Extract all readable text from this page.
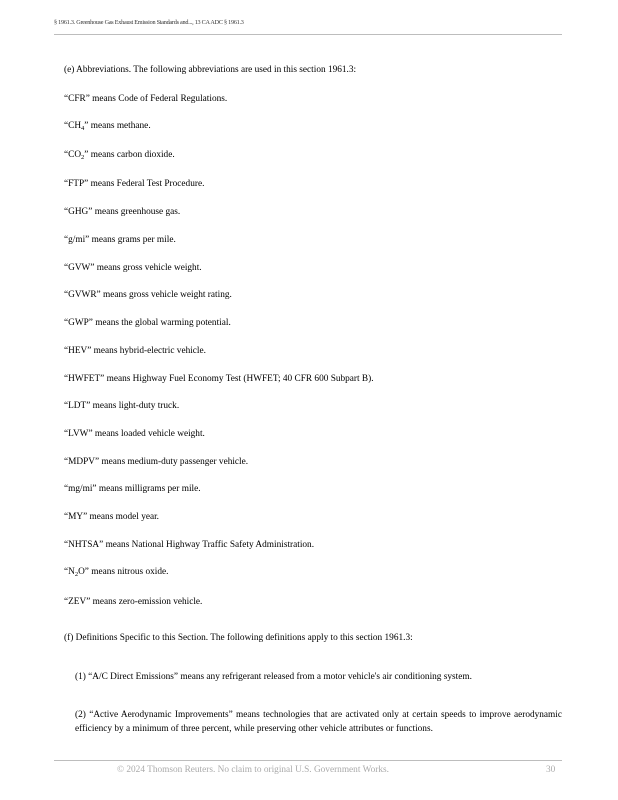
§ 1961.3. Greenhouse Gas Exhaust Emission Standards and..., 13 CA ADC § 1961.3
(e) Abbreviations. The following abbreviations are used in this section 1961.3:
“CFR” means Code of Federal Regulations.
“$CH_4$” means methane.
“$CO_2$” means carbon dioxide.
“FTP” means Federal Test Procedure.
“GHG” means greenhouse gas.
“g/mi” means grams per mile.
“GVW” means gross vehicle weight.
“GVWR” means gross vehicle weight rating.
“GWP” means the global warming potential.
“HEV” means hybrid-electric vehicle.
“HWFET” means Highway Fuel Economy Test (HWFET; 40 CFR 600 Subpart B).
“LDT” means light-duty truck.
“LVW” means loaded vehicle weight.
“MDPV” means medium-duty passenger vehicle.
“mg/mi” means milligrams per mile.
“MY” means model year.
“NHTSA” means National Highway Traffic Safety Administration.
“$N_2O$” means nitrous oxide.
“ZEV” means zero-emission vehicle.
(f) Definitions Specific to this Section. The following definitions apply to this section 1961.3:
(1) “A/C Direct Emissions” means any refrigerant released from a motor vehicle's air conditioning system.
(2) “Active Aerodynamic Improvements” means technologies that are activated only at certain speeds to improve aerodynamic efficiency by a minimum of three percent, while preserving other vehicle attributes or functions.
© 2024 Thomson Reuters. No claim to original U.S. Government Works.	30
